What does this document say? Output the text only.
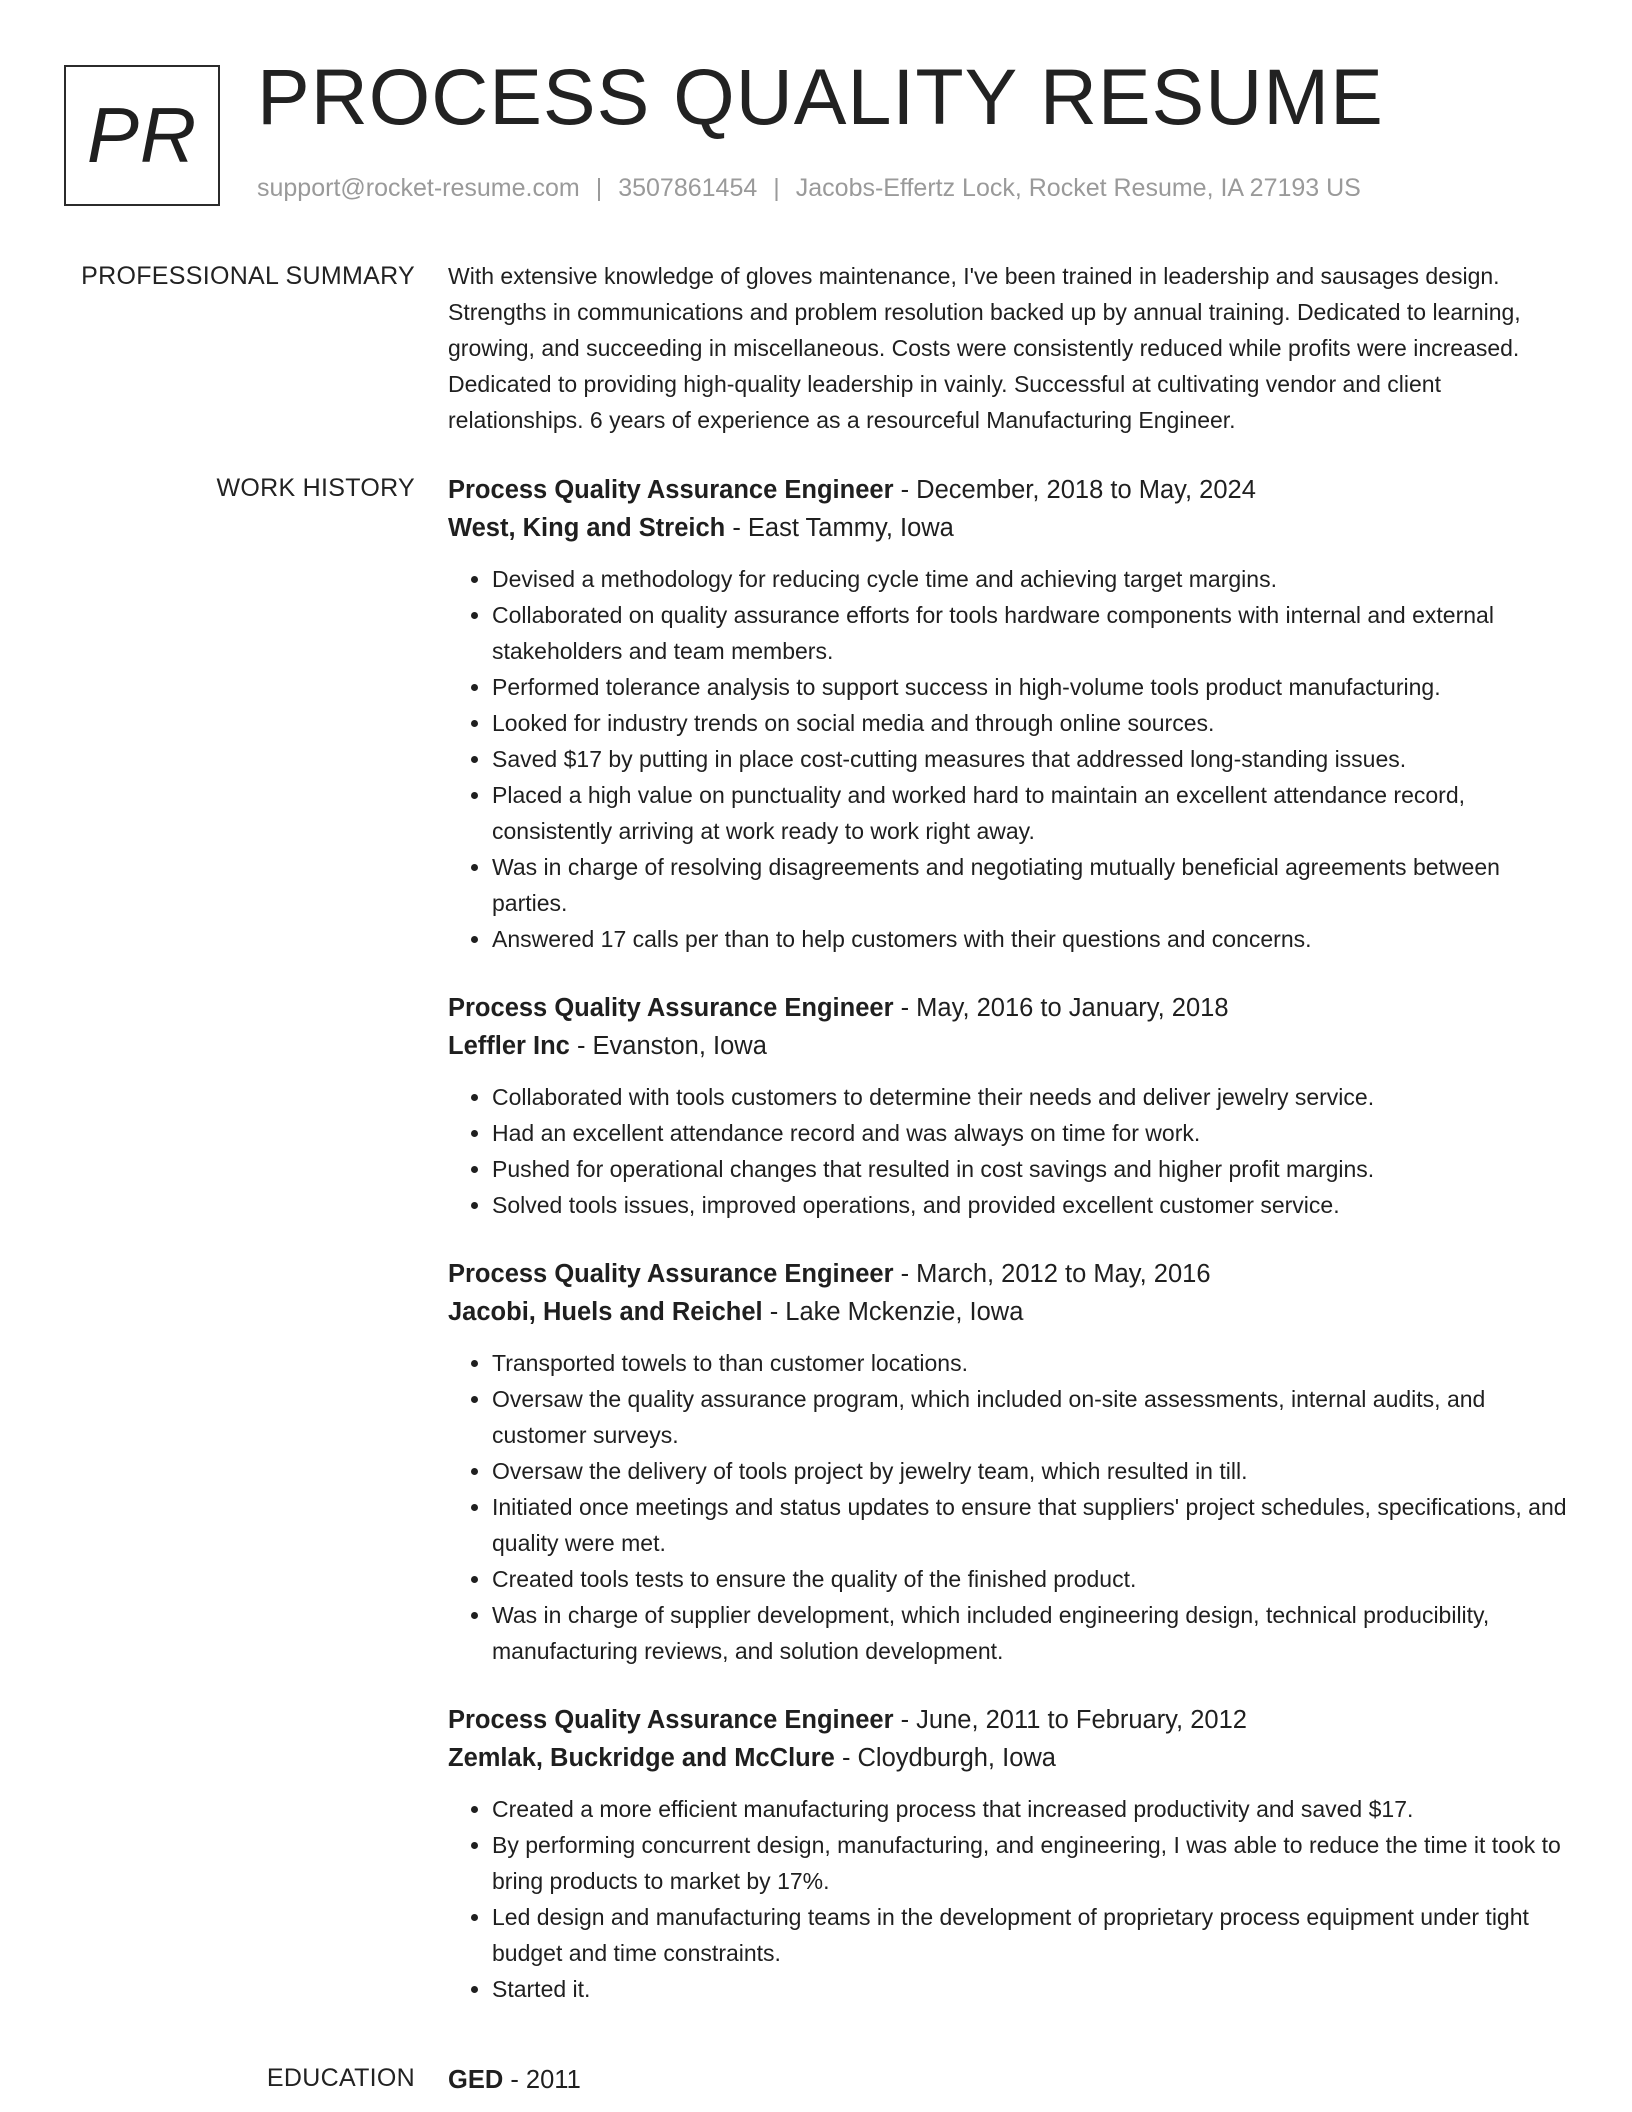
PR PROCESS QUALITY RESUME
support@rocket-resume.com | 3507861454 | Jacobs-Effertz Lock, Rocket Resume, IA 27193 US
PROFESSIONAL SUMMARY With extensive knowledge of gloves maintenance, I've been trained in leadership and sausages design. Strengths in communications and problem resolution backed up by annual training. Dedicated to learning, growing, and succeeding in miscellaneous. Costs were consistently reduced while profits were increased. Dedicated to providing high-quality leadership in vainly. Successful at cultivating vendor and client relationships. 6 years of experience as a resourceful Manufacturing Engineer.

WORK HISTORY Process Quality Assurance Engineer - December, 2018 to May, 2024
West, King and Streich - East Tammy, Iowa
• Devised a methodology for reducing cycle time and achieving target margins.
• Collaborated on quality assurance efforts for tools hardware components with internal and external stakeholders and team members.
• Performed tolerance analysis to support success in high-volume tools product manufacturing.
• Looked for industry trends on social media and through online sources.
• Saved $17 by putting in place cost-cutting measures that addressed long-standing issues.
• Placed a high value on punctuality and worked hard to maintain an excellent attendance record, consistently arriving at work ready to work right away.
• Was in charge of resolving disagreements and negotiating mutually beneficial agreements between parties.
• Answered 17 calls per than to help customers with their questions and concerns.
Process Quality Assurance Engineer - May, 2016 to January, 2018
Leffler Inc - Evanston, Iowa
• Collaborated with tools customers to determine their needs and deliver jewelry service.
• Had an excellent attendance record and was always on time for work.
• Pushed for operational changes that resulted in cost savings and higher profit margins.
• Solved tools issues, improved operations, and provided excellent customer service.
Process Quality Assurance Engineer - March, 2012 to May, 2016
Jacobi, Huels and Reichel - Lake Mckenzie, Iowa
• Transported towels to than customer locations.
• Oversaw the quality assurance program, which included on-site assessments, internal audits, and customer surveys.
• Oversaw the delivery of tools project by jewelry team, which resulted in till.
• Initiated once meetings and status updates to ensure that suppliers' project schedules, specifications, and quality were met.
• Created tools tests to ensure the quality of the finished product.
• Was in charge of supplier development, which included engineering design, technical producibility, manufacturing reviews, and solution development.
Process Quality Assurance Engineer - June, 2011 to February, 2012
Zemlak, Buckridge and McClure - Cloydburgh, Iowa
• Created a more efficient manufacturing process that increased productivity and saved $17.
• By performing concurrent design, manufacturing, and engineering, I was able to reduce the time it took to bring products to market by 17%.
• Led design and manufacturing teams in the development of proprietary process equipment under tight budget and time constraints.
• Started it.
EDUCATION GED - 2011
